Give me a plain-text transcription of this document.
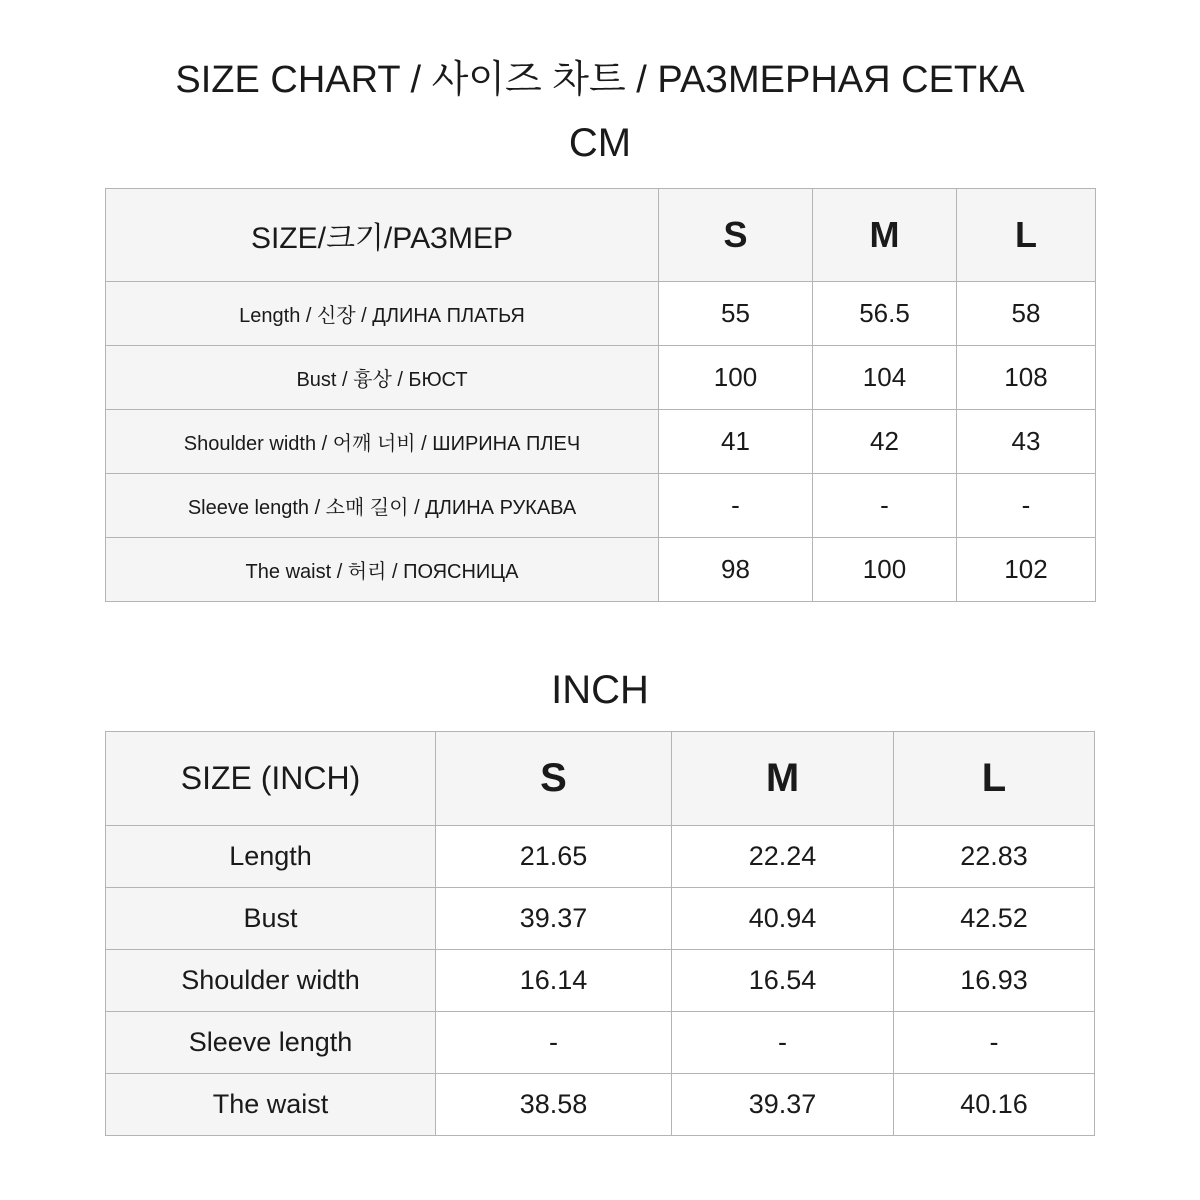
SIZE CHART / 사이즈 차트 / РАЗМЕРНАЯ СЕТКА
CM
SIZE/크기/РАЗМЕР	S	M	L
Length / 신장 / ДЛИНА ПЛАТЬЯ	55	56.5	58
Bust / 흉상 / БЮСТ	100	104	108
Shoulder width / 어깨 너비 / ШИРИНА ПЛЕЧ	41	42	43
Sleeve length / 소매 길이 / ДЛИНА РУКАВА	-	-	-
The waist / 허리 / ПОЯСНИЦА	98	100	102
INCH
SIZE (INCH)	S	M	L
Length	21.65	22.24	22.83
Bust	39.37	40.94	42.52
Shoulder width	16.14	16.54	16.93
Sleeve length	-	-	-
The waist	38.58	39.37	40.16
